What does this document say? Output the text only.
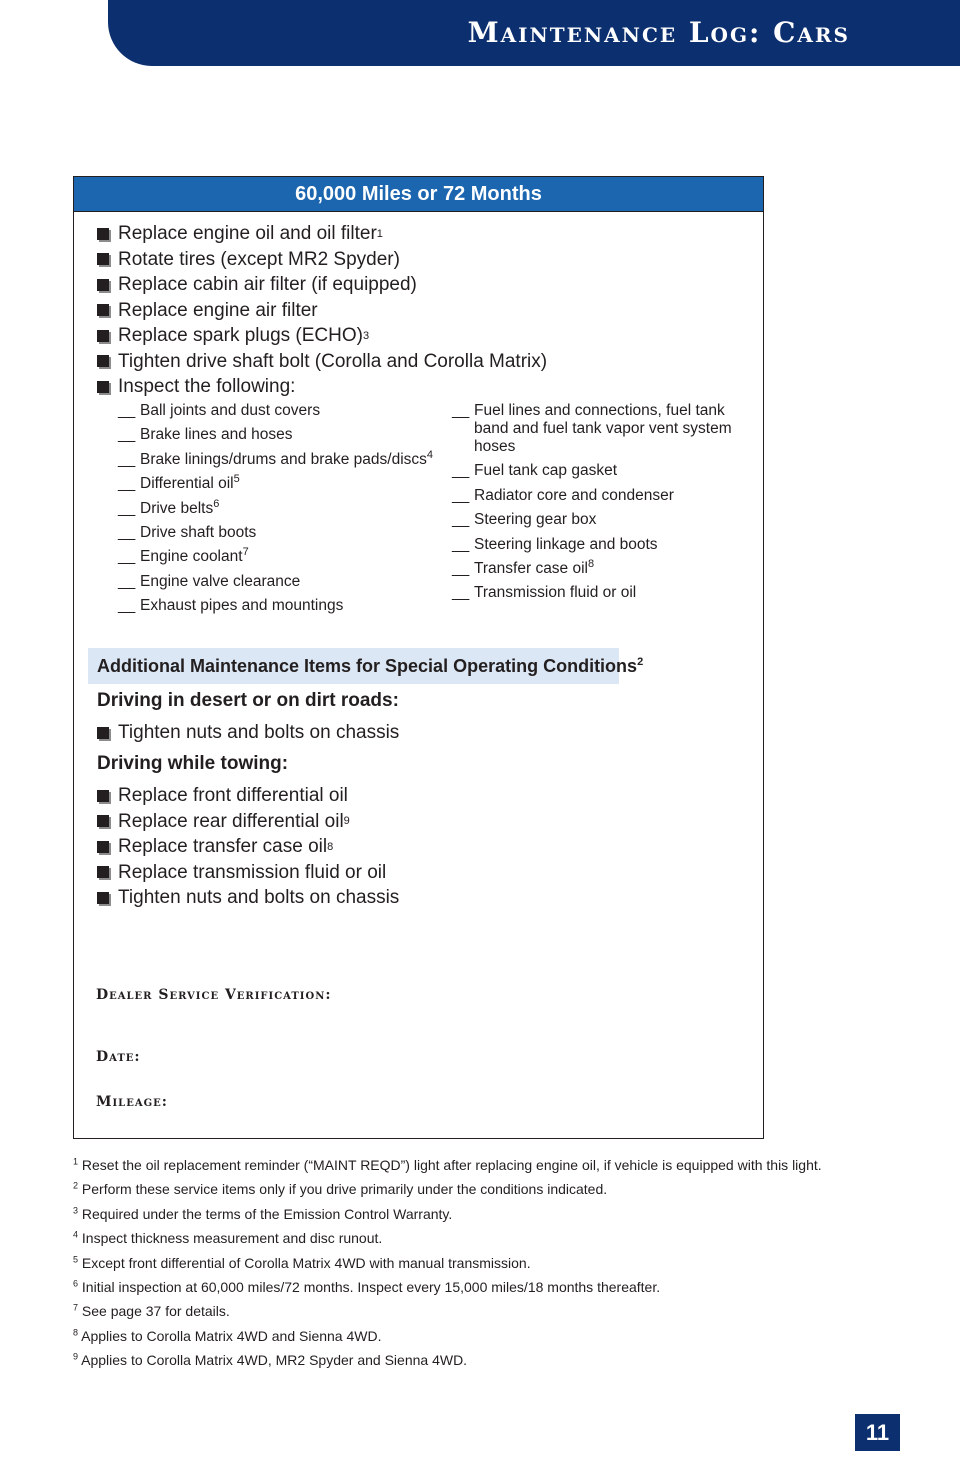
Maintenance Log: Cars
60,000 Miles or 72 Months
Replace engine oil and oil filter 1
Rotate tires (except MR2 Spyder)
Replace cabin air filter (if equipped)
Replace engine air filter
Replace spark plugs (ECHO) 3
Tighten drive shaft bolt (Corolla and Corolla Matrix)
Inspect the following:
__ Ball joints and dust covers
__ Brake lines and hoses
__ Brake linings/drums and brake pads/discs$^4$
__ Differential oil$^5$
__ Drive belts$^6$
__ Drive shaft boots
__ Engine coolant$^7$
__ Engine valve clearance
__ Exhaust pipes and mountings
__ Fuel lines and connections, fuel tank band and fuel tank vapor vent system hoses
__ Fuel tank cap gasket
__ Radiator core and condenser
__ Steering gear box
__ Steering linkage and boots
__ Transfer case oil$^8$
__ Transmission fluid or oil
Additional Maintenance Items for Special Operating Conditions$^2$
Driving in desert or on dirt roads:
Tighten nuts and bolts on chassis
Driving while towing:
Replace front differential oil
Replace rear differential oil 9
Replace transfer case oil 8
Replace transmission fluid or oil
Tighten nuts and bolts on chassis
Dealer Service Verification:
Date:
Mileage:
$^1$ Reset the oil replacement reminder (“MAINT REQD”) light after replacing engine oil, if vehicle is equipped with this light.
$^2$ Perform these service items only if you drive primarily under the conditions indicated.
$^3$ Required under the terms of the Emission Control Warranty.
$^4$ Inspect thickness measurement and disc runout.
$^5$ Except front differential of Corolla Matrix 4WD with manual transmission.
$^6$ Initial inspection at 60,000 miles/72 months. Inspect every 15,000 miles/18 months thereafter.
$^7$ See page 37 for details.
$^8$ Applies to Corolla Matrix 4WD and Sienna 4WD.
$^9$ Applies to Corolla Matrix 4WD, MR2 Spyder and Sienna 4WD.
11
